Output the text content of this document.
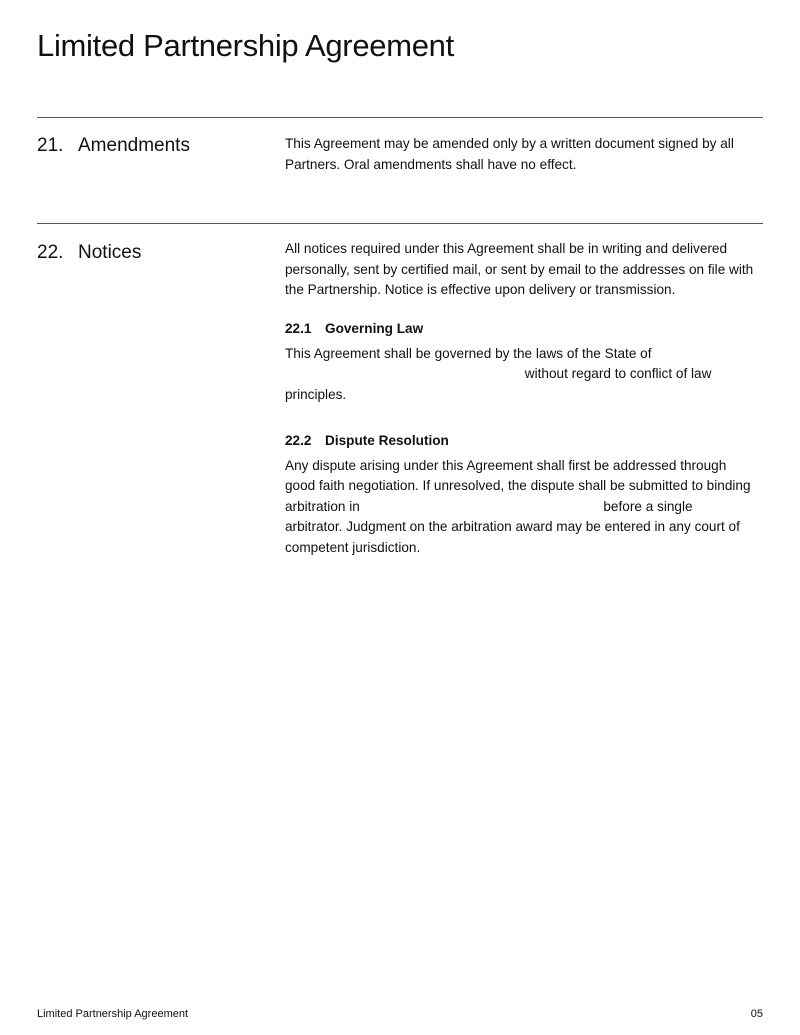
Limited Partnership Agreement
21. Amendments	This Agreement may be amended only by a written document signed by all Partners. Oral amendments shall have no effect.

22. Notices	All notices required under this Agreement shall be in writing and delivered personally, sent by certified mail, or sent by email to the addresses on file with the Partnership. Notice is effective upon delivery or transmission.

22.1 Governing Law

This Agreement shall be governed by the laws of the State of

without regard to conflict of law

principles.

22.2 Dispute Resolution

Any dispute arising under this Agreement shall first be addressed through good faith negotiation. If unresolved, the dispute shall be submitted to binding arbitration in	before a single arbitrator. Judgment on the arbitration award may be entered in any court of competent jurisdiction.

Limited Partnership Agreement	05
